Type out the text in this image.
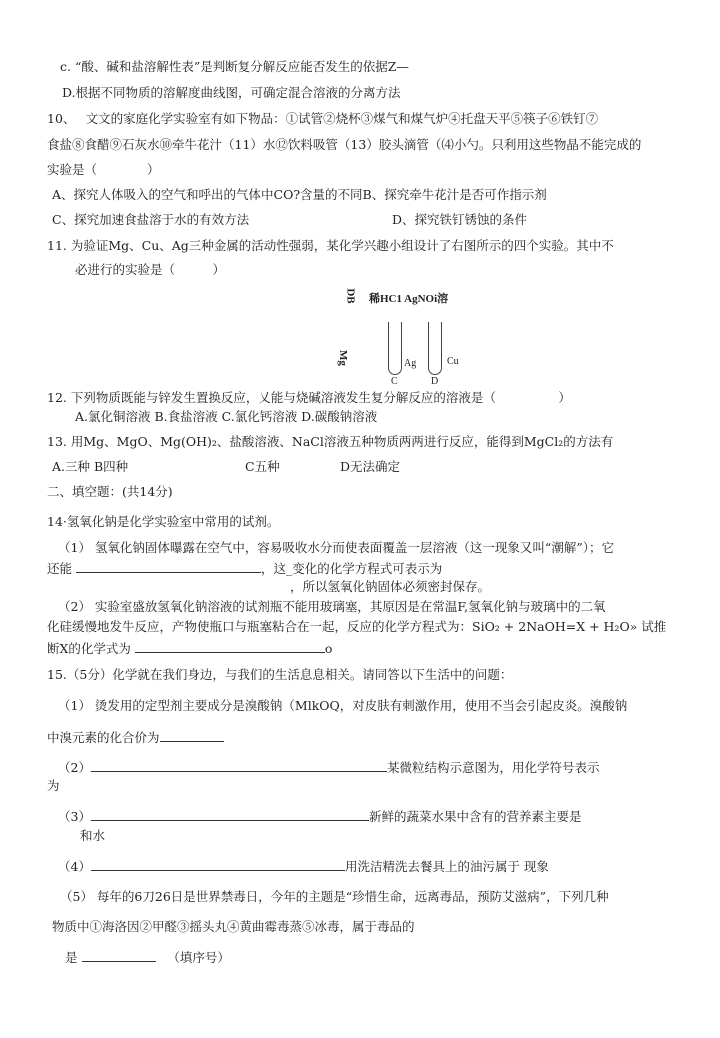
c. “酸、碱和盐溶解性表”是判断复分解反应能否发生的依据Z—
D.根据不同物质的溶解度曲线图，可确定混合溶液的分离方法
10、　 文文的家庭化学实验室有如下物品：①试管②烧杯③煤气和煤气炉④托盘天平⑤筷子⑥铁钉⑦
食盐⑧食醋⑨石灰水⑩牵牛花汁（11）水⑫饮料吸管（13）胶头滴管（⑷小勺。只利用这些物晶不能完成的
实验是（　　　　）
A、探究人体吸入的空气和呼出的气体中CO?含量的不同B、探究牵牛花汁是否可作指示剂
C、探究加速食盐溶于水的有效方法	D、探究铁钉锈蚀的条件
11. 为验证Mg、Cu、Ag三种金属的活动性强弱，某化学兴趣小组设计了右图所示的四个实验。其中不
必进行的实验是（　　　）
DB 稀HC1 AgNOi溶
Mg	Ag	Cu
C	D
12. 下列物质既能与锌发生置换反应，乂能与烧碱溶液发生复分解反应的溶液是（　　　　　）
A.氯化铜溶液 B.食盐溶液 C.氯化钙溶液 D.碳酸钠溶液
13. 用Mg、MgO、Mg(OH)₂、盐酸溶液、NaCl溶液五种物质两两进行反应，能得到MgCl₂的方法有
A.三种 B四种	C五种	D无法确定
二、填空题：(共14分)
14·氢氧化钠是化学实验室中常用的试剂。
（1） 氢氧化钠固体曝露在空气中，容易吸收水分而使表面覆盖一层溶液（这一现象又叫“潮解”）；它
还能	，这_变化的化学方程式可表示为
，所以氢氧化钠固体必须密封保存。
（2） 实验室盛放氢氧化钠溶液的试剂瓶不能用玻璃塞，其原因是在常温F,氢氧化钠与玻璃中的二氧
化硅缓慢地发牛反应，产物使瓶口与瓶塞粘合在一起，反应的化学方程式为：SiO₂ + 2NaOH=X + H₂O» 试推
断X的化学式为	o
15.（5分）化学就在我们身边，与我们的生活息息相关。请同答以下生活中的问题：
（1） 烫发用的定型剂主要成分是溴酸钠（MlkOQ，对皮肤有刺激作用，使用不当会引起皮炎。溴酸钠
中溴元素的化合价为
（2）	某微粒结构示意图为，用化学符号表示
为
（3）	新鲜的蔬菜水果中含有的营养素主要是
和水
（4）	用洗洁精洗去餐具上的油污属于 现象
（5） 每年的6刀26日是世界禁毒日，今年的主题是“珍惜生命，远离毒品，预防艾滋病”，下列几种
物质中①海洛因②甲醛③摇头丸④黄曲霉毒蒸⑤冰毒，属于毒品的
是	（填序号）
